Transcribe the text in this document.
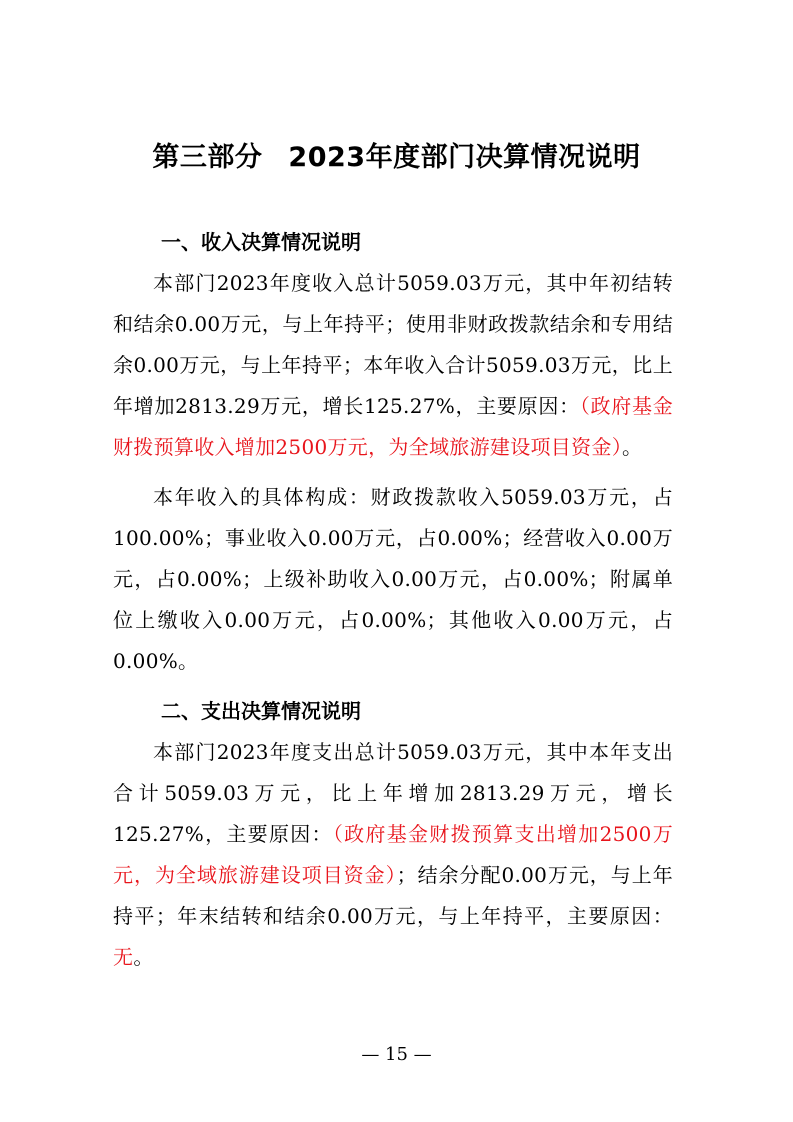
第三部分 2023年度部门决算情况说明
一、收入决算情况说明

本部门2023年度收入总计5059.03万元，其中年初结转和结余0.00万元，与上年持平；使用非财政拨款结余和专用结余0.00万元，与上年持平；本年收入合计5059.03万元，比上年增加2813.29万元，增长125.27%，主要原因：（政府基金财拨预算收入增加2500万元，为全域旅游建设项目资金）。

本年收入的具体构成：财政拨款收入5059.03万元，占100.00%；事业收入0.00万元，占0.00%；经营收入0.00万元，占0.00%；上级补助收入0.00万元，占0.00%；附属单位上缴收入0.00万元，占0.00%；其他收入0.00万元，占0.00%。

二、支出决算情况说明

本部门2023年度支出总计5059.03万元，其中本年支出合计5059.03万元，比上年增加2813.29万元，增长125.27%，主要原因：（政府基金财拨预算支出增加2500万元，为全域旅游建设项目资金）；结余分配0.00万元，与上年持平；年末结转和结余0.00万元，与上年持平，主要原因：无。

— 15 —
